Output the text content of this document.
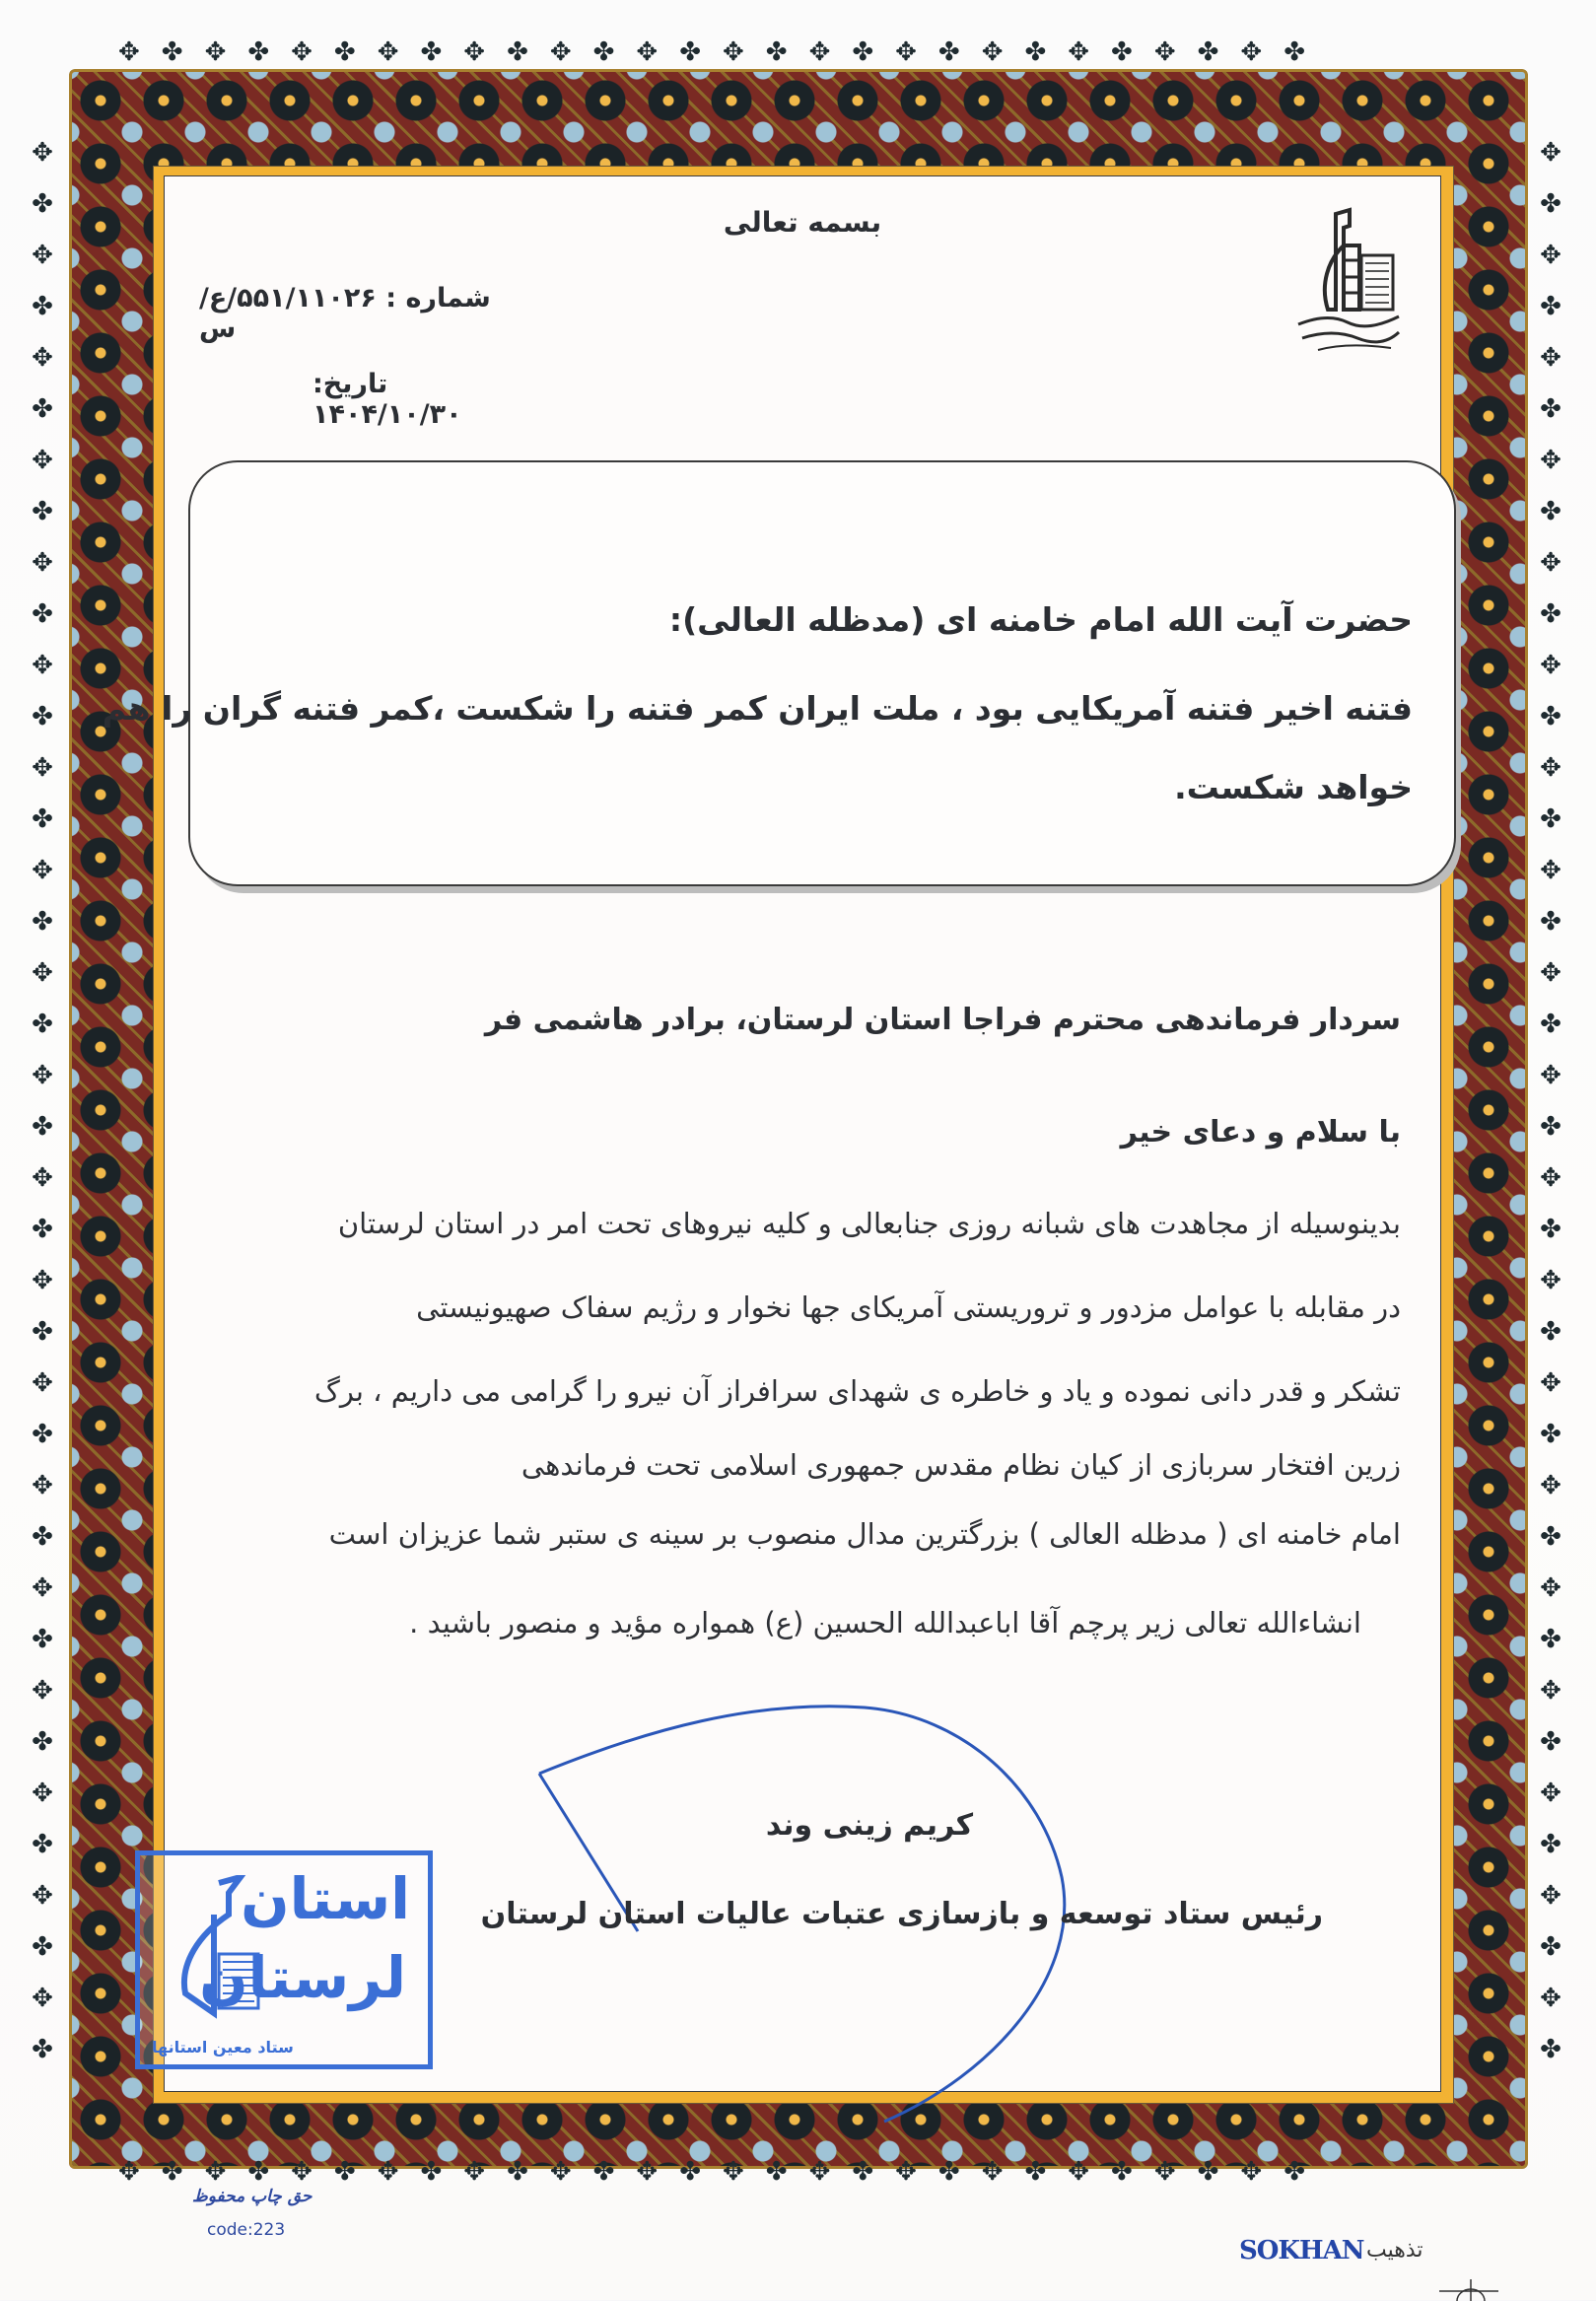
✥✤✥✤✥✤✥✤✥✤✥✤✥✤✥✤✥✤✥✤✥✤✥✤✥✤✥✤
✥✤✥✤✥✤✥✤✥✤✥✤✥✤✥✤✥✤✥✤✥✤✥✤✥✤✥✤
✥✤✥✤✥✤✥✤✥✤✥✤✥✤✥✤✥✤✥✤✥✤✥✤✥✤✥✤✥✤✥✤✥✤✥✤✥✤	✥✤✥✤✥✤✥✤✥✤✥✤✥✤✥✤✥✤✥✤✥✤✥✤✥✤✥✤✥✤✥✤✥✤✥✤✥✤
بسمه تعالی
شماره : ۵۵۱/۱۱۰۲۶/ع/س
تاریخ: ۱۴۰۴/۱۰/۳۰
حضرت آیت الله امام خامنه ای (مدظله العالی):
فتنه اخیر فتنه آمریکایی بود ، ملت ایران کمر فتنه را شکست ،کمر فتنه گران را هم
خواهد شکست.
سردار فرماندهی محترم فراجا استان لرستان، برادر هاشمی فر
با سلام و دعای خیر
بدینوسیله از مجاهدت های شبانه روزی جنابعالی و کلیه نیروهای تحت امر در استان لرستان
در مقابله با عوامل مزدور و تروریستی آمریکای جها نخوار و رژیم سفاک صهیونیستی
تشکر و قدر دانی نموده و یاد و خاطره ی شهدای سرافراز آن نیرو را گرامی می داریم ، برگ
زرین افتخار سربازی از کیان نظام مقدس جمهوری اسلامی تحت فرماندهی
امام خامنه ای ( مدظله العالی ) بزرگترین مدال منصوب بر سینه ی ستبر شما عزیزان است
انشاءالله تعالی زیر پرچم آقا اباعبدالله الحسین (ع) همواره مؤید و منصور باشید .
کریم زینی وند
رئیس ستاد توسعه و بازسازی عتبات عالیات استان لرستان
استان
لرستان
ستاد معین استانها
حق چاپ محفوظ
code:223
SOKHAN تذهیب
